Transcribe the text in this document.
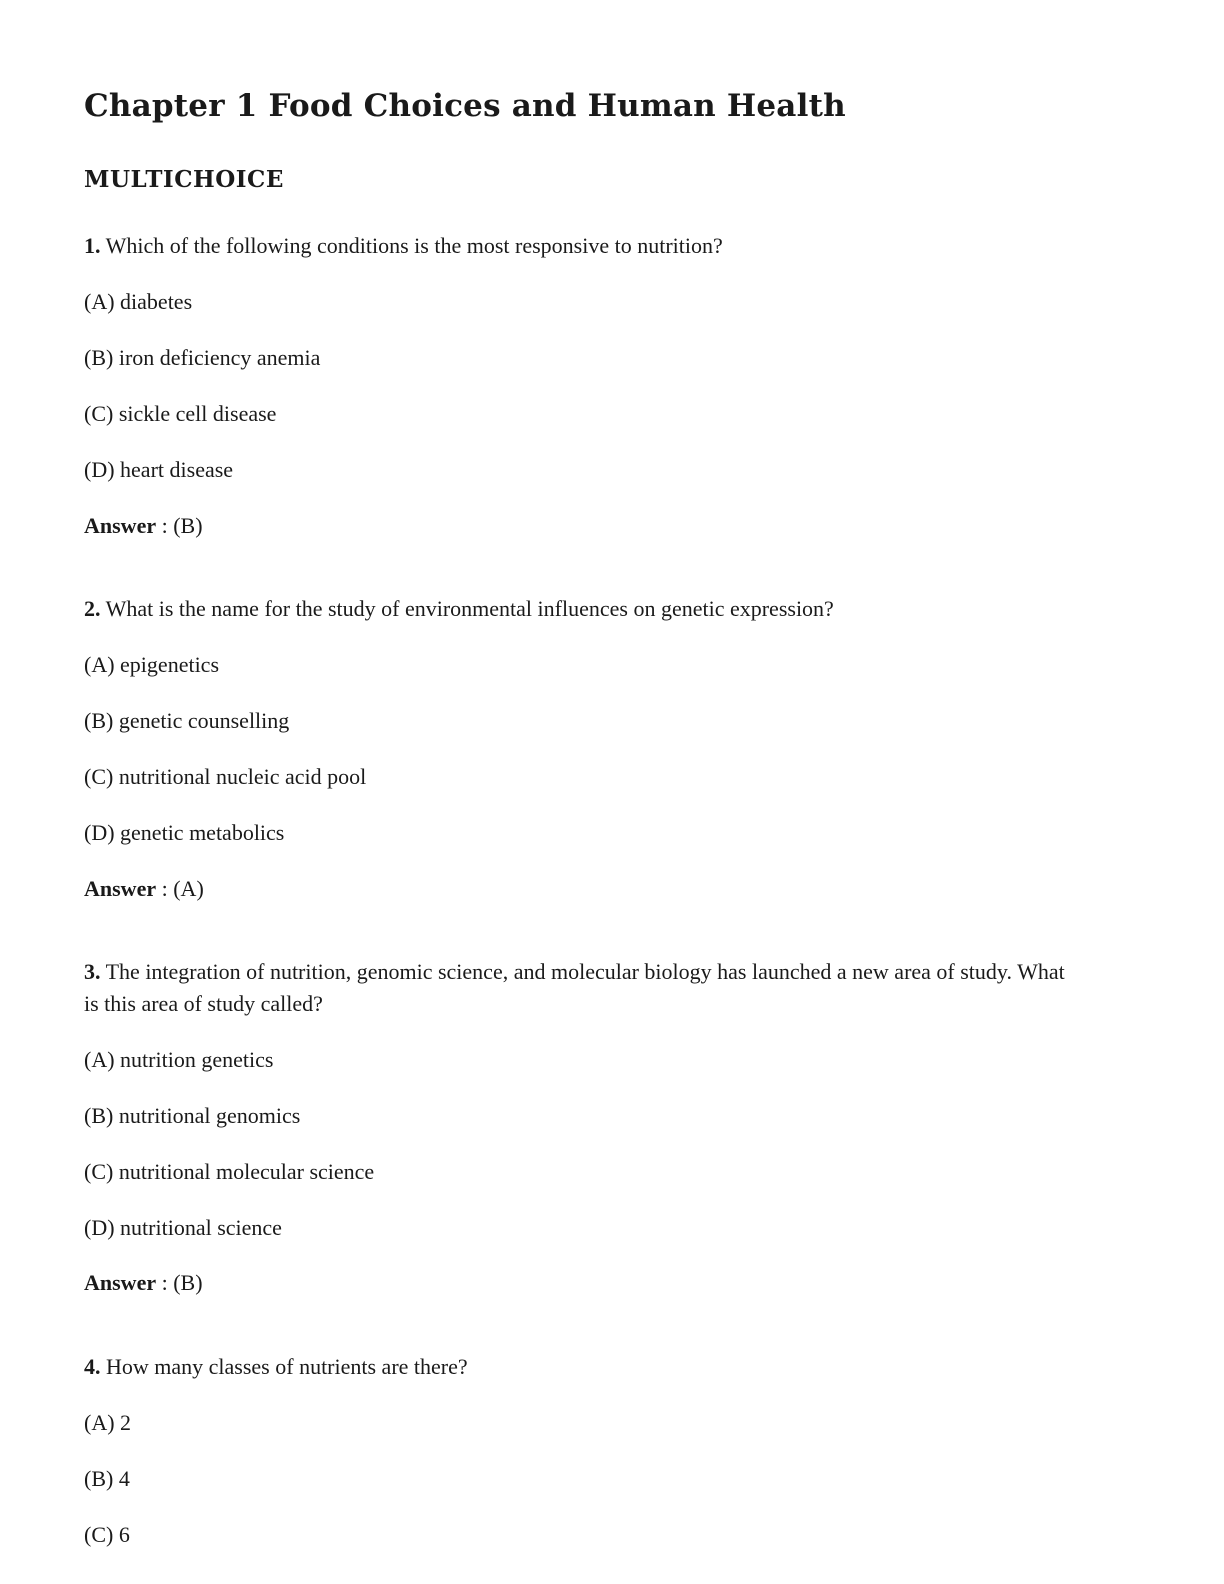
Chapter 1 Food Choices and Human Health
MULTICHOICE

1. Which of the following conditions is the most responsive to nutrition?

(A) diabetes

(B) iron deficiency anemia

(C) sickle cell disease

(D) heart disease

Answer : (B)

2. What is the name for the study of environmental influences on genetic expression?

(A) epigenetics

(B) genetic counselling

(C) nutritional nucleic acid pool

(D) genetic metabolics

Answer : (A)

3. The integration of nutrition, genomic science, and molecular biology has launched a new area of study. What is this area of study called?

(A) nutrition genetics

(B) nutritional genomics

(C) nutritional molecular science

(D) nutritional science

Answer : (B)

4. How many classes of nutrients are there?

(A) 2

(B) 4

(C) 6
